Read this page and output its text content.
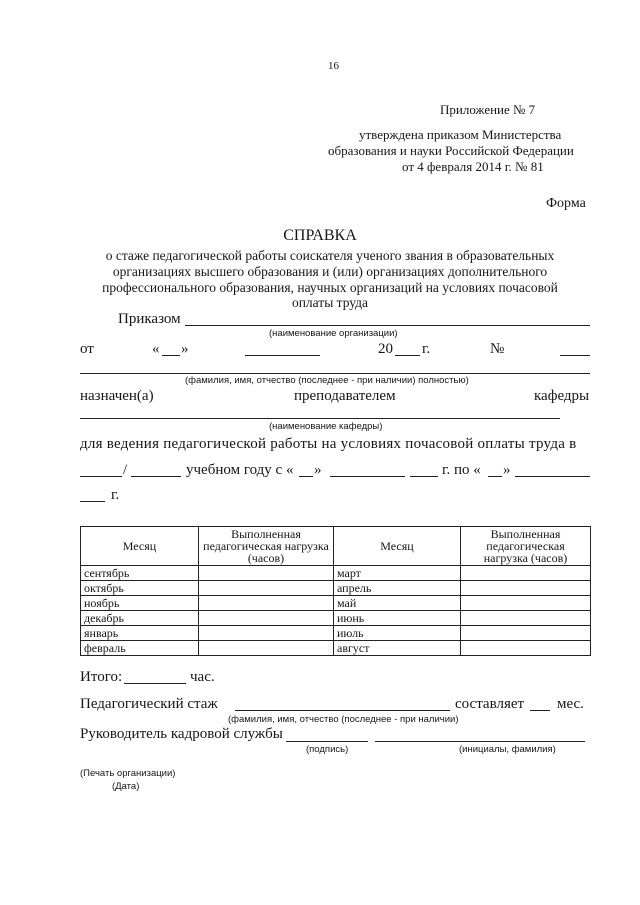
16
Приложение № 7
утверждена приказом Министерства
образования и науки Российской Федерации
от 4 февраля 2014 г. № 81
Форма
СПРАВКА
о стаже педагогической работы соискателя ученого звания в образовательных
организациях высшего образования и (или) организациях дополнительного
профессионального образования, научных организаций на условиях почасовой
оплаты труда
Приказом
(наименование организации)
от	« »	20 г.	№
(фамилия, имя, отчество (последнее - при наличии) полностью)
назначен(а)	преподавателем	кафедры
(наименование кафедры)
для ведения педагогической работы на условиях почасовой оплаты труда в
/	учебном году с « »	г. по « »
г.
Месяц	Выполненная педагогическая нагрузка (часов)	Месяц	Выполненная педагогическая нагрузка (часов)
сентябрь		март	
октябрь		апрель	
ноябрь		май	
декабрь		июнь	
январь		июль	
февраль		август	
Итого:	час.
Педагогический стаж	составляет мес.
(фамилия, имя, отчество (последнее - при наличии)
Руководитель кадровой службы
(подпись)	(инициалы, фамилия)
(Печать организации)
(Дата)
